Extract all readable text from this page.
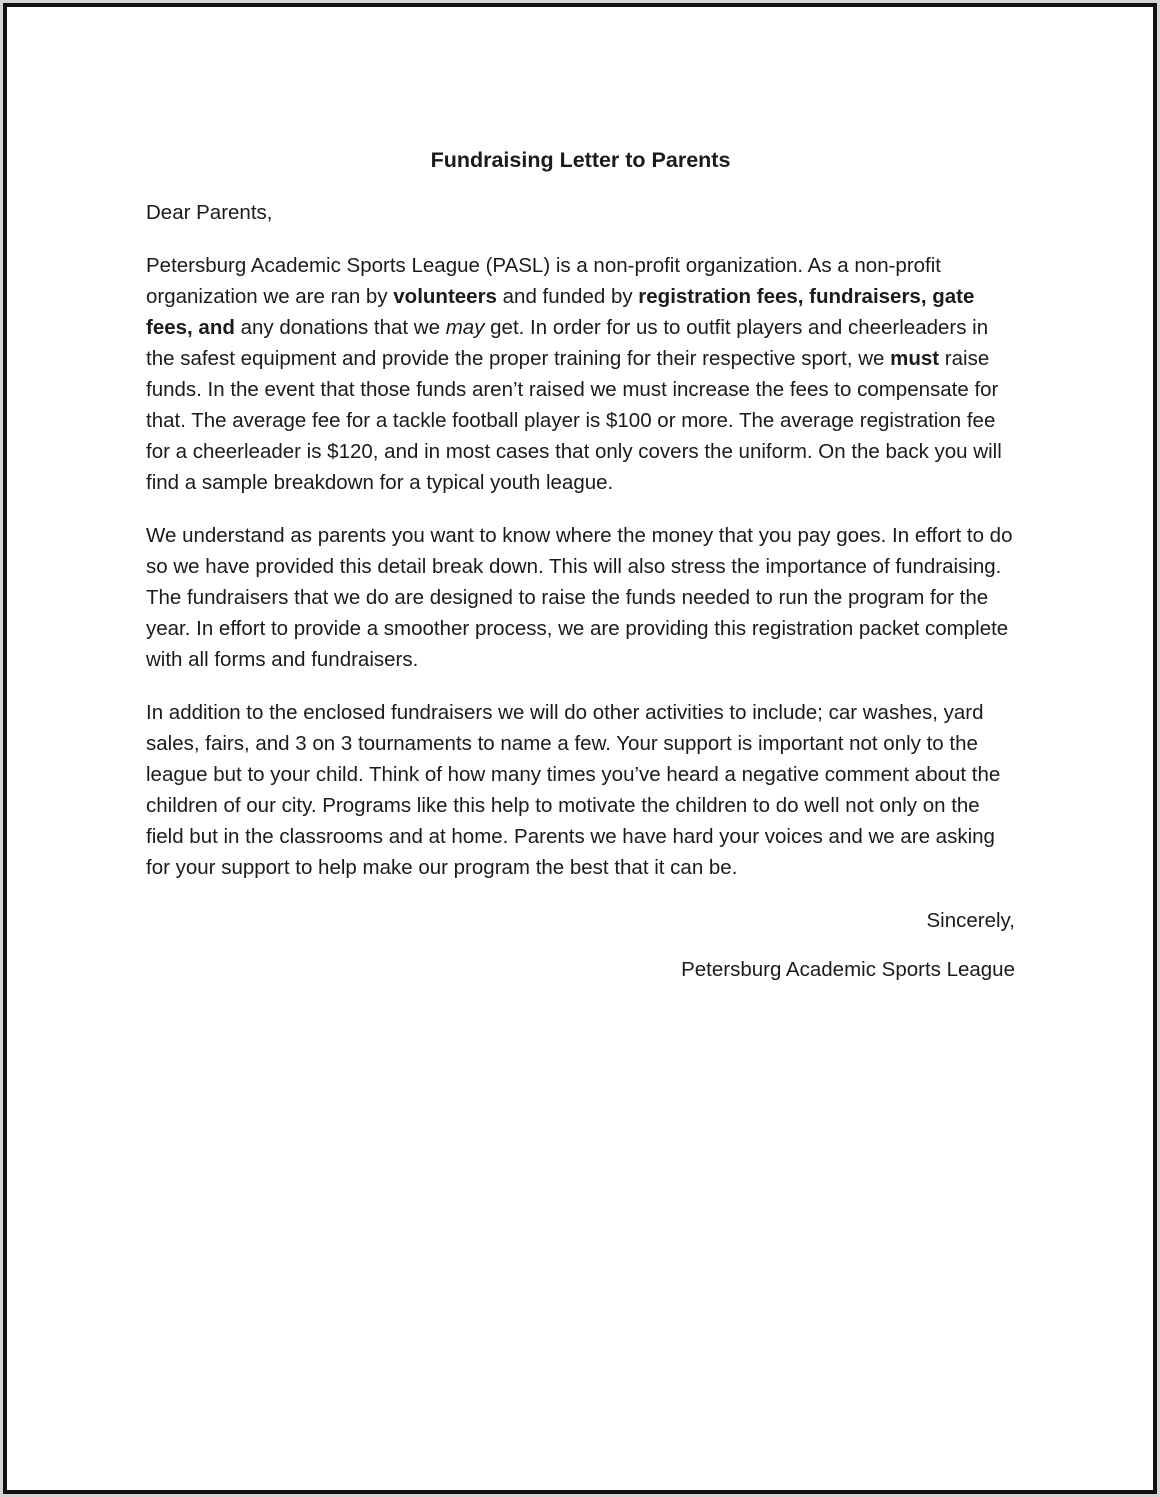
Fundraising Letter to Parents

Dear Parents,

Petersburg Academic Sports League (PASL) is a non-profit organization. As a non-profit organization we are ran by volunteers and funded by registration fees, fundraisers, gate fees, and any donations that we may get. In order for us to outfit players and cheerleaders in the safest equipment and provide the proper training for their respective sport, we must raise funds. In the event that those funds aren’t raised we must increase the fees to compensate for that. The average fee for a tackle football player is $100 or more. The average registration fee for a cheerleader is $120, and in most cases that only covers the uniform. On the back you will find a sample breakdown for a typical youth league.

We understand as parents you want to know where the money that you pay goes. In effort to do so we have provided this detail break down. This will also stress the importance of fundraising. The fundraisers that we do are designed to raise the funds needed to run the program for the year. In effort to provide a smoother process, we are providing this registration packet complete with all forms and fundraisers.

In addition to the enclosed fundraisers we will do other activities to include; car washes, yard sales, fairs, and 3 on 3 tournaments to name a few. Your support is important not only to the league but to your child. Think of how many times you’ve heard a negative comment about the children of our city. Programs like this help to motivate the children to do well not only on the field but in the classrooms and at home. Parents we have hard your voices and we are asking for your support to help make our program the best that it can be.

Sincerely,

Petersburg Academic Sports League
